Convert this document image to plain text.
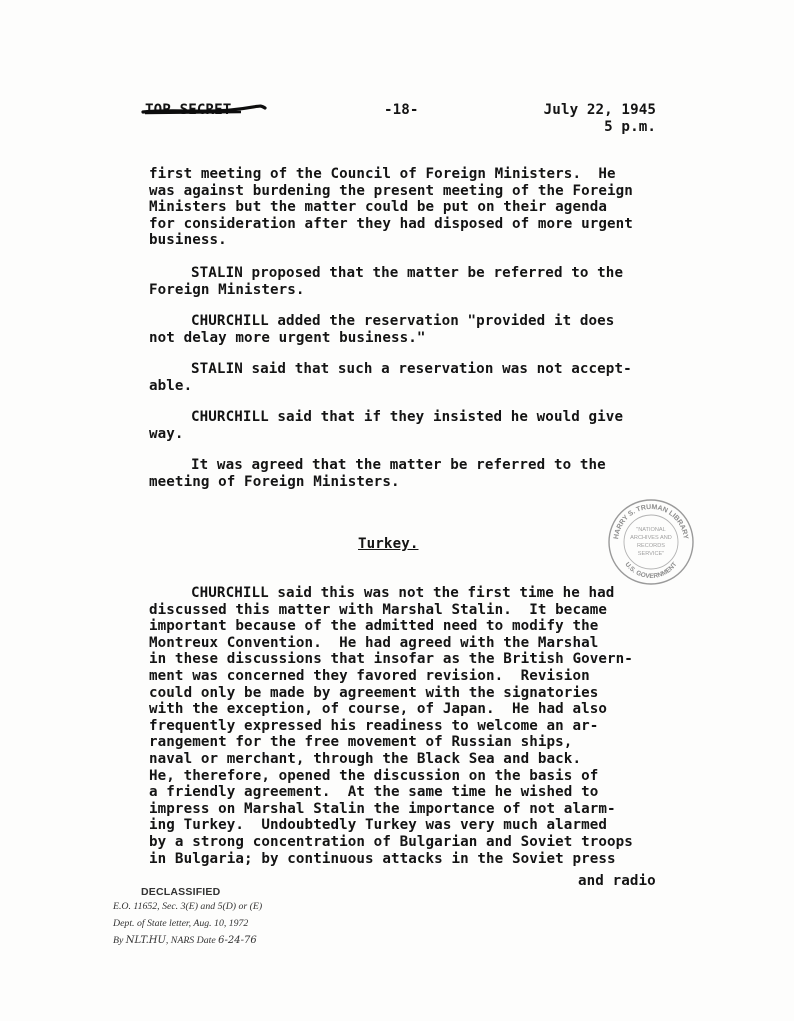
TOP SECRET	-18-	July 22, 1945
5 p.m.

first meeting of the Council of Foreign Ministers.  He

was against burdening the present meeting of the Foreign

Ministers but the matter could be put on their agenda

for consideration after they had disposed of more urgent

business.

STALIN proposed that the matter be referred to the

Foreign Ministers.

CHURCHILL added the reservation "provided it does

not delay more urgent business."

STALIN said that such a reservation was not accept-

able.

CHURCHILL said that if they insisted he would give

way.

It was agreed that the matter be referred to the

meeting of Foreign Ministers.

HARRY S. TRUMAN LIBRARY
U.S. GOVERNMENT
"NATIONAL
ARCHIVES AND
RECORDS
SERVICE"
Turkey.

CHURCHILL said this was not the first time he had

discussed this matter with Marshal Stalin.  It became

important because of the admitted need to modify the

Montreux Convention.  He had agreed with the Marshal

in these discussions that insofar as the British Govern-

ment was concerned they favored revision.  Revision

could only be made by agreement with the signatories

with the exception, of course, of Japan.  He had also

frequently expressed his readiness to welcome an ar-

rangement for the free movement of Russian ships,

naval or merchant, through the Black Sea and back.

He, therefore, opened the discussion on the basis of

a friendly agreement.  At the same time he wished to

impress on Marshal Stalin the importance of not alarm-

ing Turkey.  Undoubtedly Turkey was very much alarmed

by a strong concentration of Bulgarian and Soviet troops

in Bulgaria; by continuous attacks in the Soviet press

and radio
DECLASSIFIED
E.O. 11652, Sec. 3(E) and 5(D) or (E)
Dept. of State letter, Aug. 10, 1972
By NLT.HU, NARS Date 6-24-76
